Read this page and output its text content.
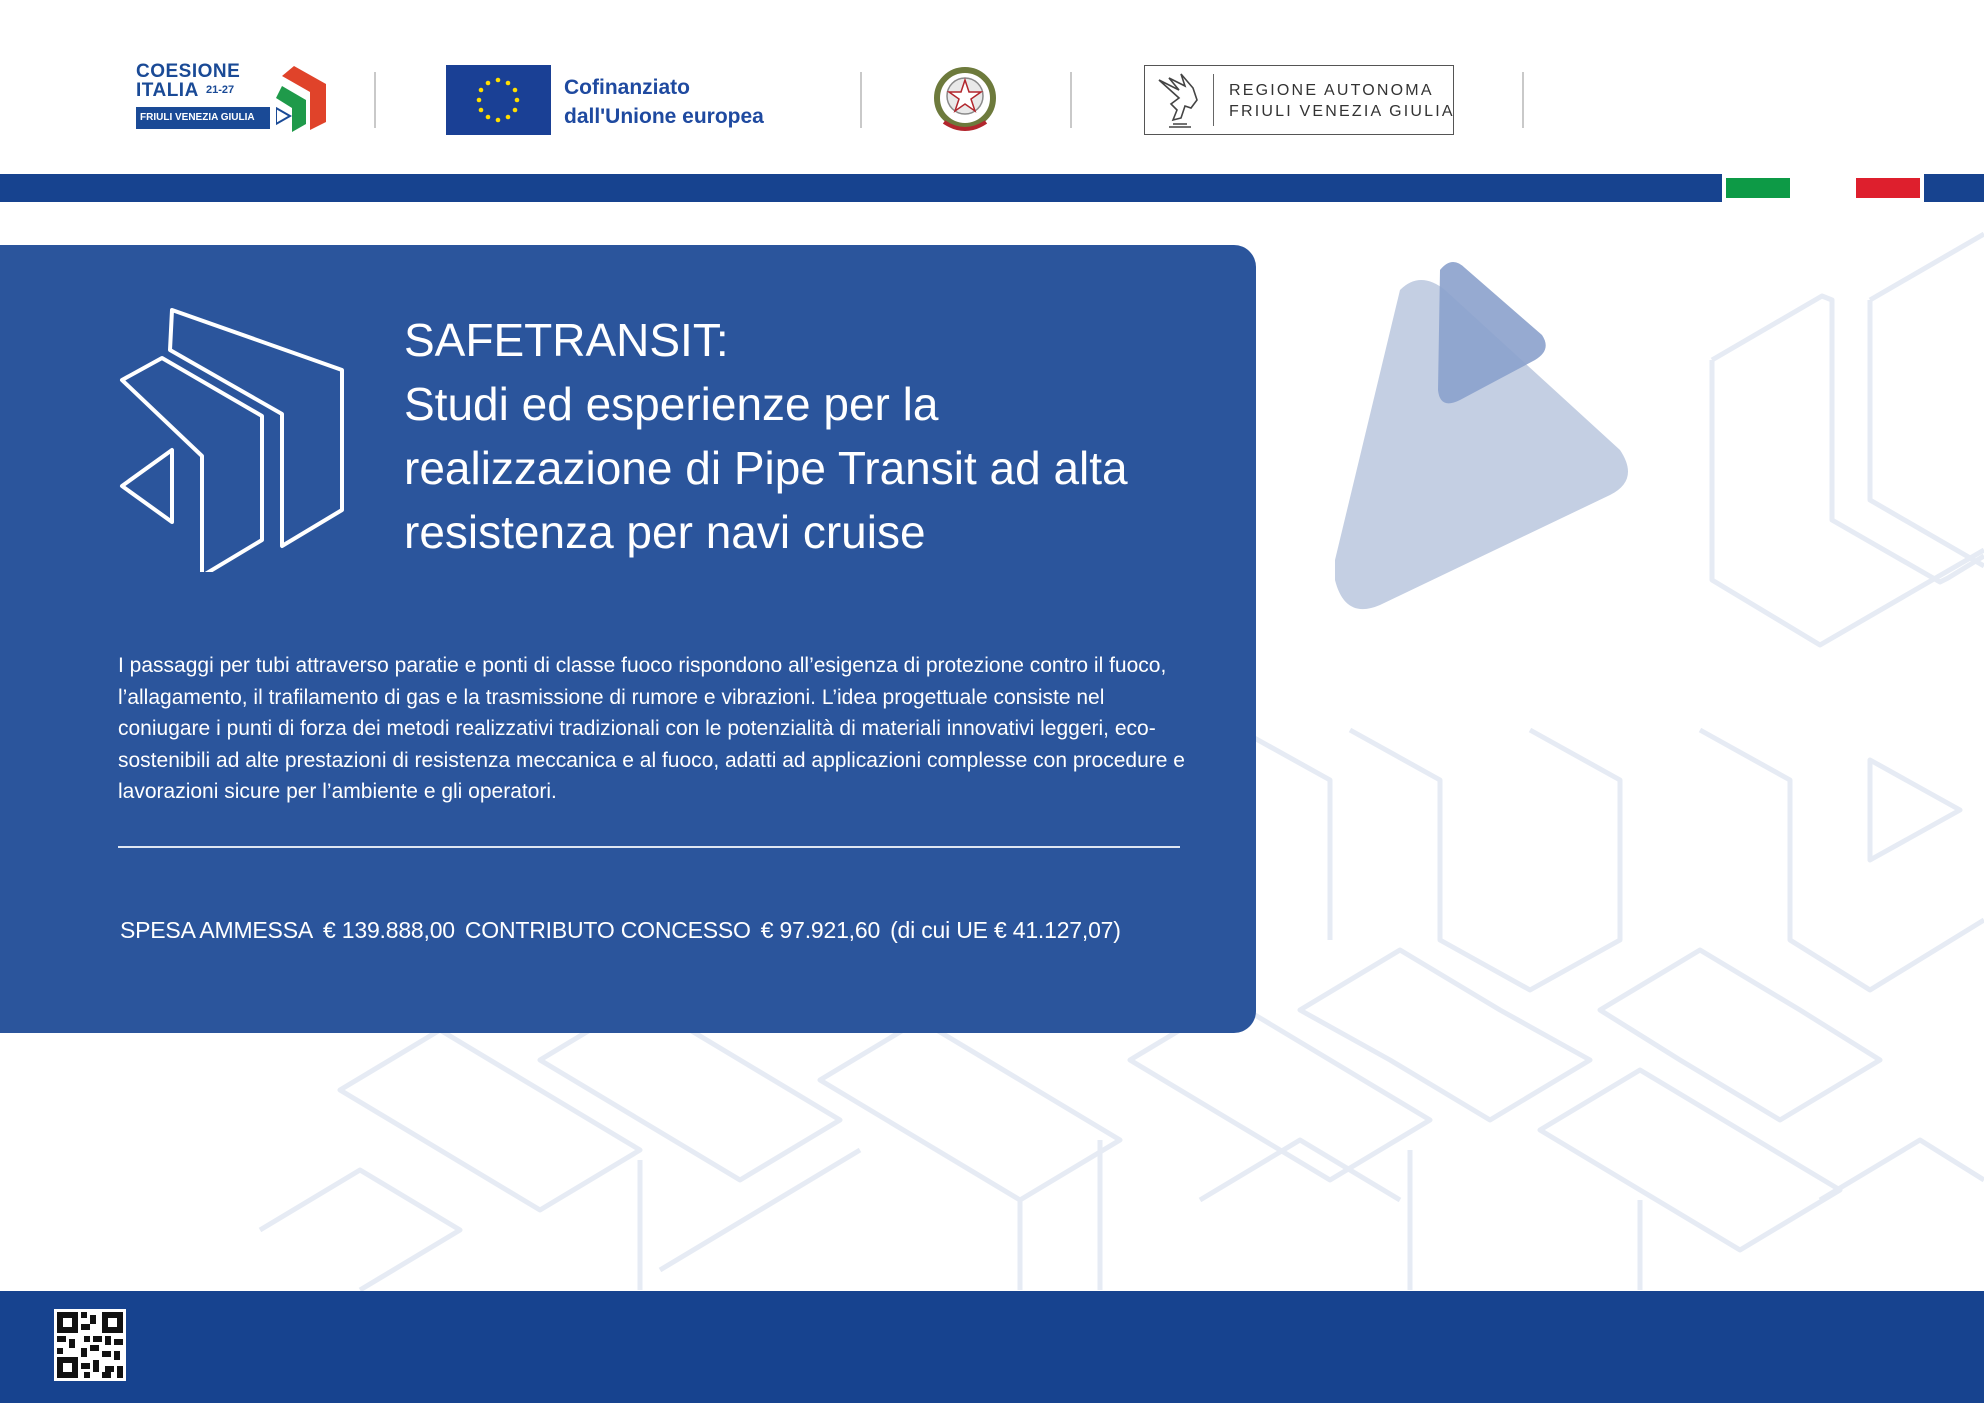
COESIONE
ITALIA 21-27
FRIULI VENEZIA GIULIA
Cofinanziato
dall'Unione europea
REGIONE AUTONOMA
FRIULI VENEZIA GIULIA
SAFETRANSIT:
Studi ed esperienze per la
realizzazione di Pipe Transit ad alta
resistenza per navi cruise
I passaggi per tubi attraverso paratie e ponti di classe fuoco rispondono all’esigenza di protezione contro il fuoco, l’allagamento, il trafilamento di gas e la trasmissione di rumore e vibrazioni. L’idea progettuale consiste nel coniugare i punti di forza dei metodi realizzativi tradizionali con le potenzialità di materiali innovativi leggeri, eco-sostenibili ad alte prestazioni di resistenza meccanica e al fuoco, adatti ad applicazioni complesse con procedure e lavorazioni sicure per l’ambiente e gli operatori.
SPESA AMMESSA € 139.888,00 CONTRIBUTO CONCESSO € 97.921,60 (di cui UE € 41.127,07)
